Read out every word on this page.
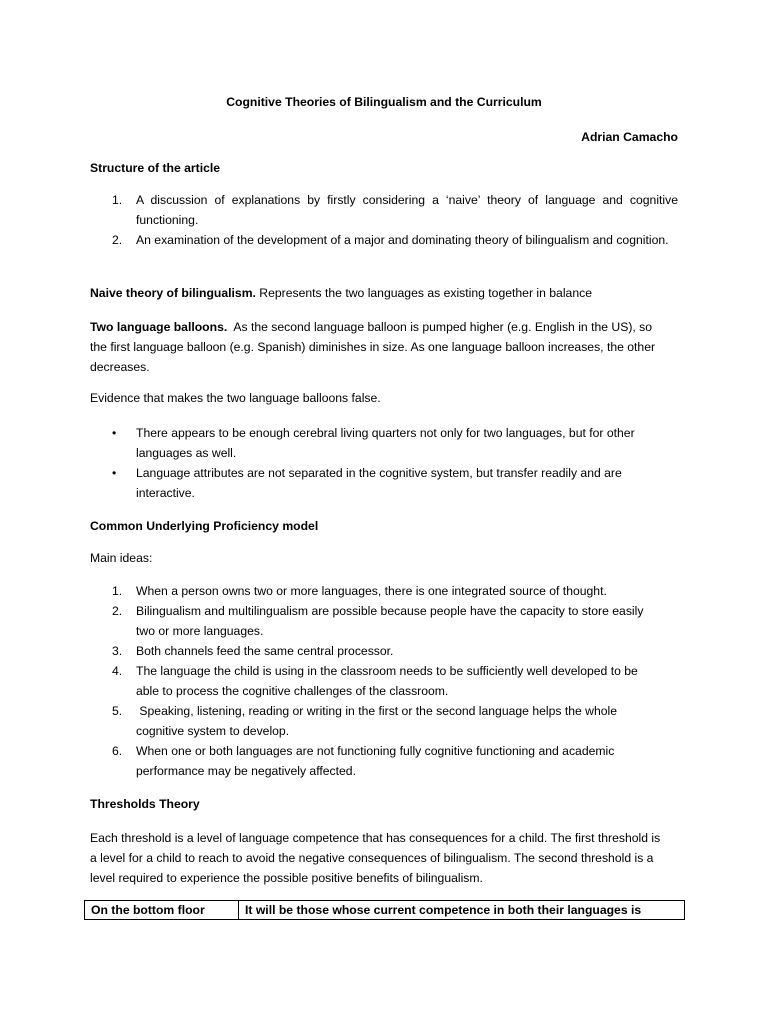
Cognitive Theories of Bilingualism and the Curriculum
Adrian Camacho
Structure of the article
1. A discussion of explanations by firstly considering a ‘naive’ theory of language and cognitive functioning.
2. An examination of the development of a major and dominating theory of bilingualism and cognition.
Naive theory of bilingualism. Represents the two languages as existing together in balance
Two language balloons.  As the second language balloon is pumped higher (e.g. English in the US), so
the first language balloon (e.g. Spanish) diminishes in size. As one language balloon increases, the other
decreases.
Evidence that makes the two language balloons false.
• There appears to be enough cerebral living quarters not only for two languages, but for other
languages as well.
• Language attributes are not separated in the cognitive system, but transfer readily and are
interactive.
Common Underlying Proficiency model
Main ideas:
1. When a person owns two or more languages, there is one integrated source of thought.
2. Bilingualism and multilingualism are possible because people have the capacity to store easily
two or more languages.
3. Both channels feed the same central processor.
4. The language the child is using in the classroom needs to be sufficiently well developed to be
able to process the cognitive challenges of the classroom.
5. Speaking, listening, reading or writing in the first or the second language helps the whole
cognitive system to develop.
6. When one or both languages are not functioning fully cognitive functioning and academic
performance may be negatively affected.
Thresholds Theory
Each threshold is a level of language competence that has consequences for a child. The first threshold is
a level for a child to reach to avoid the negative consequences of bilingualism. The second threshold is a
level required to experience the possible positive benefits of bilingualism.
On the bottom floor	It will be those whose current competence in both their languages is
